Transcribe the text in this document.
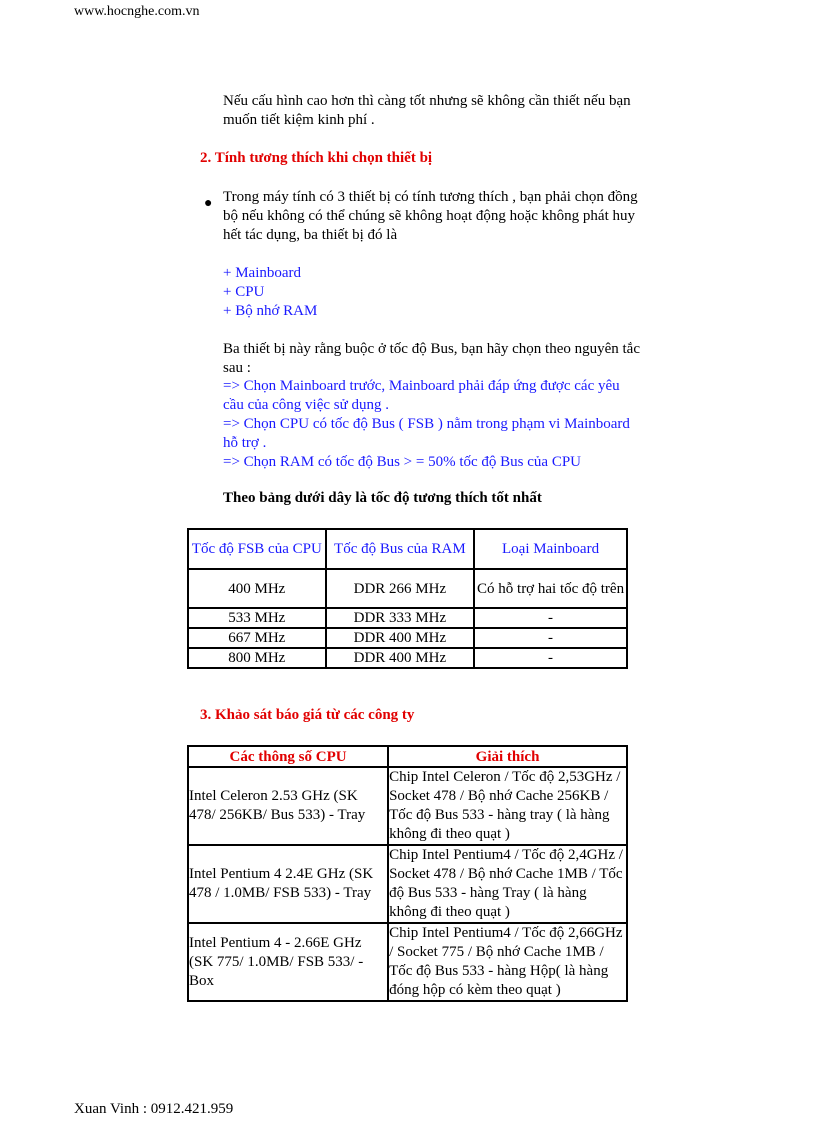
www.hocnghe.com.vn
Nếu cấu hình cao hơn thì càng tốt nhưng sẽ không cần thiết nếu bạn muốn tiết kiệm kinh phí .
2. Tính tương thích khi chọn thiết bị
● Trong máy tính có 3 thiết bị có tính tương thích , bạn phải chọn đồng bộ nếu không có thể chúng sẽ không hoạt động hoặc không phát huy hết tác dụng, ba thiết bị đó là
+ Mainboard
+ CPU
+ Bộ nhớ RAM
Ba thiết bị này rằng buộc ở tốc độ Bus, bạn hãy chọn theo nguyên tắc sau :
=> Chọn Mainboard trước, Mainboard phải đáp ứng được các yêu cầu của công việc sử dụng .
=> Chọn CPU có tốc độ Bus ( FSB ) nằm trong phạm vi Mainboard hỗ trợ .
=> Chọn RAM có tốc độ Bus > = 50% tốc độ Bus của CPU
Theo bảng dưới dây là tốc độ tương thích tốt nhất
Tốc độ FSB của CPU	Tốc độ Bus của RAM	Loại Mainboard
400 MHz	DDR 266 MHz	Có hỗ trợ hai tốc độ trên
533 MHz	DDR 333 MHz	-
667 MHz	DDR 400 MHz	-
800 MHz	DDR 400 MHz	-
3. Khảo sát báo giá từ các công ty
Các thông số CPU	Giải thích
Intel Celeron 2.53 GHz (SK 478/ 256KB/ Bus 533) - Tray	Chip Intel Celeron / Tốc độ 2,53GHz / Socket 478 / Bộ nhớ Cache 256KB / Tốc độ Bus 533 - hàng tray ( là hàng không đi theo quạt )
Intel Pentium 4 2.4E GHz (SK 478 / 1.0MB/ FSB 533) - Tray	Chip Intel Pentium4 / Tốc độ 2,4GHz / Socket 478 / Bộ nhớ Cache 1MB / Tốc độ Bus 533 - hàng Tray ( là hàng không đi theo quạt )
Intel Pentium 4 - 2.66E GHz (SK 775/ 1.0MB/ FSB 533/ - Box	Chip Intel Pentium4 / Tốc độ 2,66GHz / Socket 775 / Bộ nhớ Cache 1MB / Tốc độ Bus 533 - hàng Hộp( là hàng đóng hộp có kèm theo quạt )
Xuan Vinh : 0912.421.959
